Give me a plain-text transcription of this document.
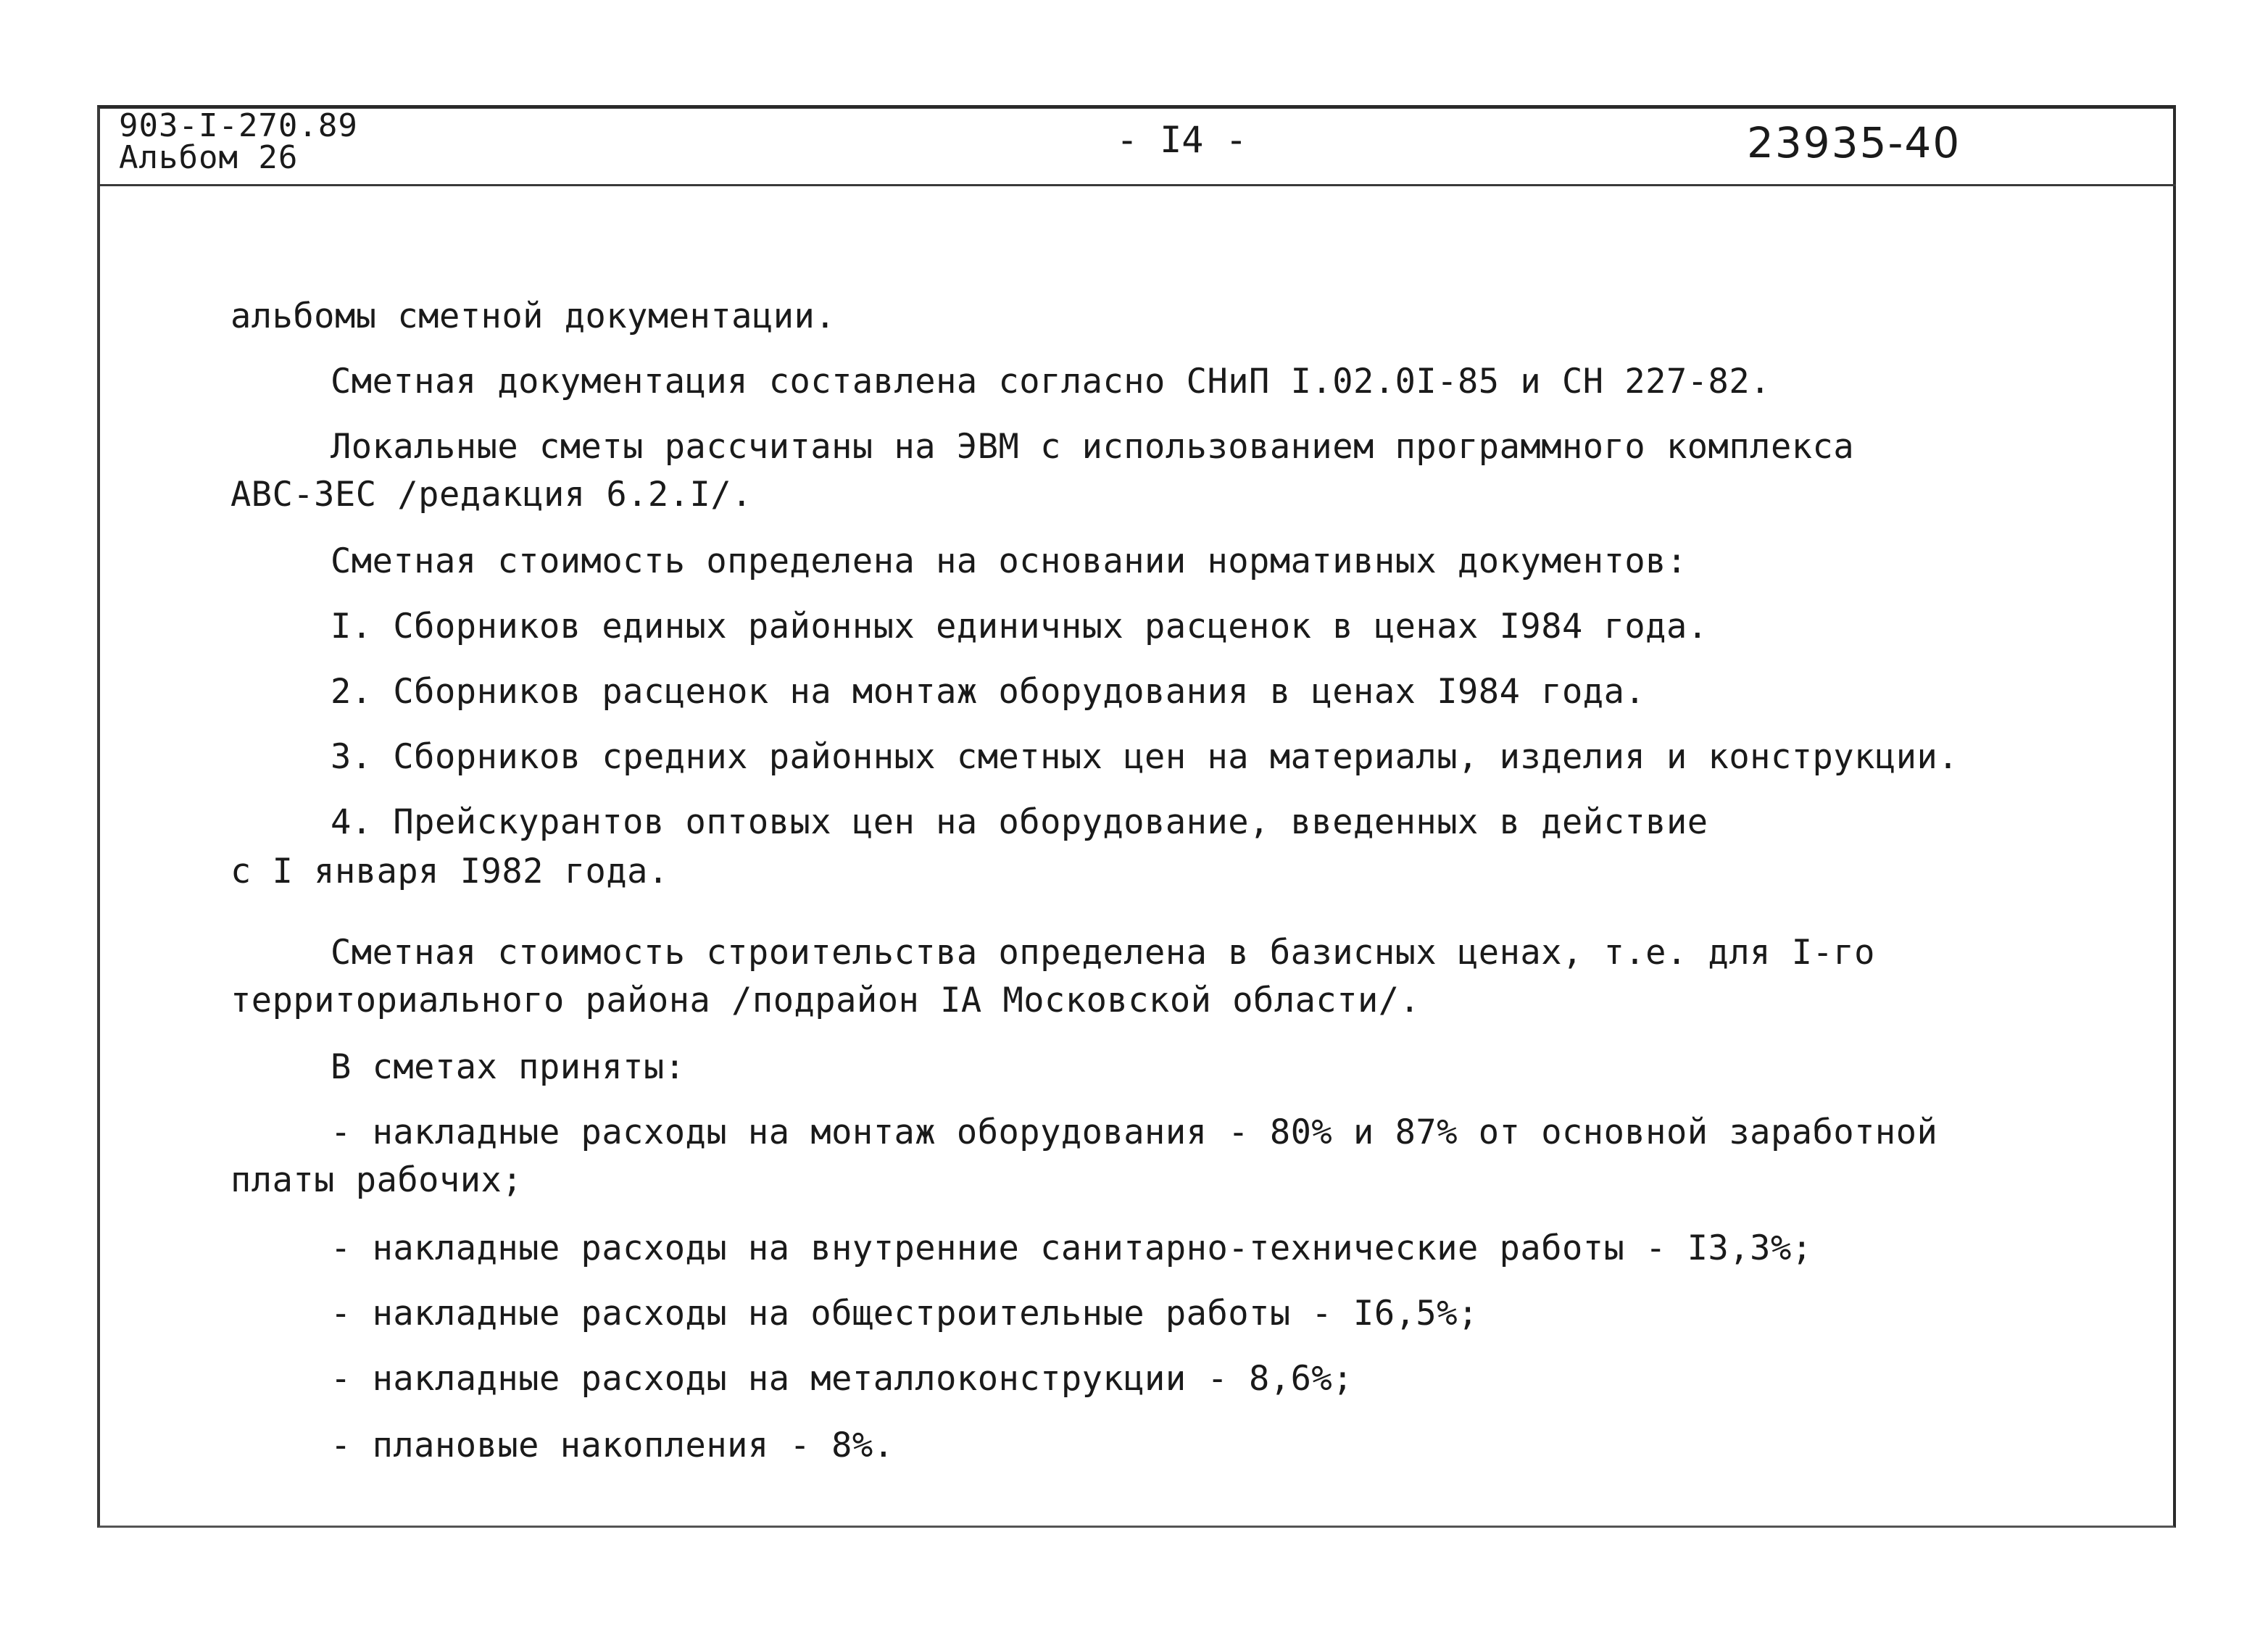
903-I-270.89
Альбом 26	- I4 -	23935-40
альбомы сметной документации.
Сметная документация составлена согласно СНиП I.02.0I-85 и СН 227-82.
Локальные сметы рассчитаны на ЭВМ с использованием программного комплекса
АВС-ЗЕС /редакция 6.2.I/.
Сметная стоимость определена на основании нормативных документов:
I. Сборников единых районных единичных расценок в ценах I984 года.
2. Сборников расценок на монтаж оборудования в ценах I984 года.
3. Сборников средних районных сметных цен на материалы, изделия и конструкции.
4. Прейскурантов оптовых цен на оборудование, введенных в действие
с I января I982 года.
Сметная стоимость строительства определена в базисных ценах, т.е. для I-го
территориального района /подрайон IА Московской области/.
В сметах приняты:
- накладные расходы на монтаж оборудования - 80% и 87% от основной заработной
платы рабочих;
- накладные расходы на внутренние санитарно-технические работы - I3,3%;
- накладные расходы на общестроительные работы - I6,5%;
- накладные расходы на металлоконструкции - 8,6%;
- плановые накопления - 8%.
